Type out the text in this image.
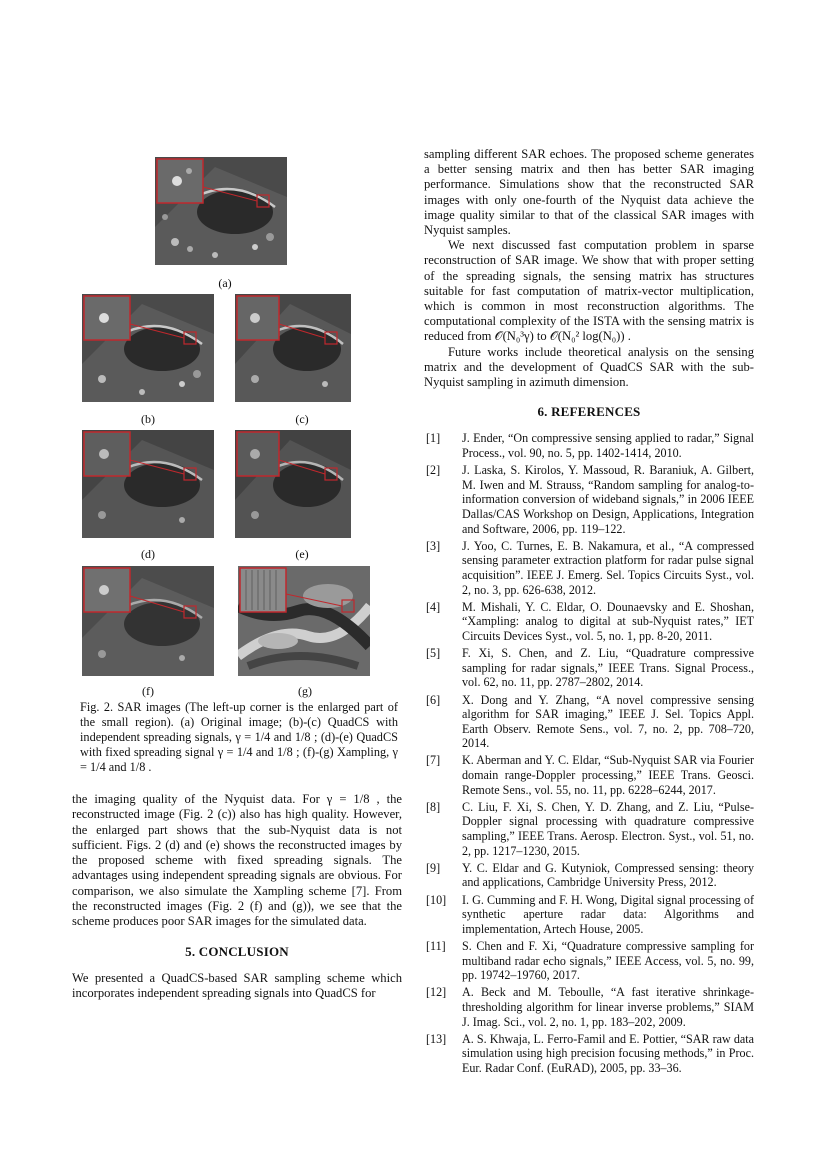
(a)
(b)	(c)
(d)	(e)
(f)	(g)

Fig. 2. SAR images (The left-up corner is the enlarged part of the small region). (a) Original image; (b)-(c) QuadCS with independent spreading signals, γ = 1/4 and 1/8 ; (d)-(e) QuadCS with fixed spreading signal γ = 1/4 and 1/8 ; (f)-(g) Xampling, γ = 1/4 and 1/8 .

the imaging quality of the Nyquist data. For γ = 1/8 , the reconstructed image (Fig. 2 (c)) also has high quality. However, the enlarged part shows that the sub-Nyquist data is not sufficient. Figs. 2 (d) and (e) shows the reconstructed images by the proposed scheme with fixed spreading signals. The advantages using independent spreading signals are obvious. For comparison, we also simulate the Xampling scheme [7]. From the reconstructed images (Fig. 2 (f) and (g)), we see that the scheme produces poor SAR images for the simulated data.

5. CONCLUSION

We presented a QuadCS-based SAR sampling scheme which incorporates independent spreading signals into QuadCS for

sampling different SAR echoes. The proposed scheme generates a better sensing matrix and then has better SAR imaging performance. Simulations show that the reconstructed SAR images with only one-fourth of the Nyquist data achieve the image quality similar to that of the classical SAR images with Nyquist samples.

We next discussed fast computation problem in sparse reconstruction of SAR image. We show that with proper setting of the spreading signals, the sensing matrix has structures suitable for fast computation of matrix-vector multiplication, which is common in most reconstruction algorithms. The computational complexity of the ISTA with the sensing matrix is reduced from 𝒪(N₀³γ) to 𝒪(N₀² log(N₀)) .

Future works include theoretical analysis on the sensing matrix and the development of QuadCS SAR with the sub-Nyquist sampling in azimuth dimension.

6. REFERENCES
[1] J. Ender, “On compressive sensing applied to radar,” Signal Process., vol. 90, no. 5, pp. 1402-1414, 2010.
[2] J. Laska, S. Kirolos, Y. Massoud, R. Baraniuk, A. Gilbert, M. Iwen and M. Strauss, “Random sampling for analog-to-information conversion of wideband signals,” in 2006 IEEE Dallas/CAS Workshop on Design, Applications, Integration and Software, 2006, pp. 119–122.
[3] J. Yoo, C. Turnes, E. B. Nakamura, et al., “A compressed sensing parameter extraction platform for radar pulse signal acquisition”. IEEE J. Emerg. Sel. Topics Circuits Syst., vol. 2, no. 3, pp. 626-638, 2012.
[4] M. Mishali, Y. C. Eldar, O. Dounaevsky and E. Shoshan, “Xampling: analog to digital at sub-Nyquist rates,” IET Circuits Devices Syst., vol. 5, no. 1, pp. 8-20, 2011.
[5] F. Xi, S. Chen, and Z. Liu, “Quadrature compressive sampling for radar signals,” IEEE Trans. Signal Process., vol. 62, no. 11, pp. 2787–2802, 2014.
[6] X. Dong and Y. Zhang, “A novel compressive sensing algorithm for SAR imaging,” IEEE J. Sel. Topics Appl. Earth Observ. Remote Sens., vol. 7, no. 2, pp. 708–720, 2014.
[7] K. Aberman and Y. C. Eldar, “Sub-Nyquist SAR via Fourier domain range-Doppler processing,” IEEE Trans. Geosci. Remote Sens., vol. 55, no. 11, pp. 6228–6244, 2017.
[8] C. Liu, F. Xi, S. Chen, Y. D. Zhang, and Z. Liu, “Pulse-Doppler signal processing with quadrature compressive sampling,” IEEE Trans. Aerosp. Electron. Syst., vol. 51, no. 2, pp. 1217–1230, 2015.
[9] Y. C. Eldar and G. Kutyniok, Compressed sensing: theory and applications, Cambridge University Press, 2012.
[10] I. G. Cumming and F. H. Wong, Digital signal processing of synthetic aperture radar data: Algorithms and implementation, Artech House, 2005.
[11] S. Chen and F. Xi, “Quadrature compressive sampling for multiband radar echo signals,” IEEE Access, vol. 5, no. 99, pp. 19742–19760, 2017.
[12] A. Beck and M. Teboulle, “A fast iterative shrinkage-thresholding algorithm for linear inverse problems,” SIAM J. Imag. Sci., vol. 2, no. 1, pp. 183–202, 2009.
[13] A. S. Khwaja, L. Ferro-Famil and E. Pottier, “SAR raw data simulation using high precision focusing methods,” in Proc. Eur. Radar Conf. (EuRAD), 2005, pp. 33–36.
